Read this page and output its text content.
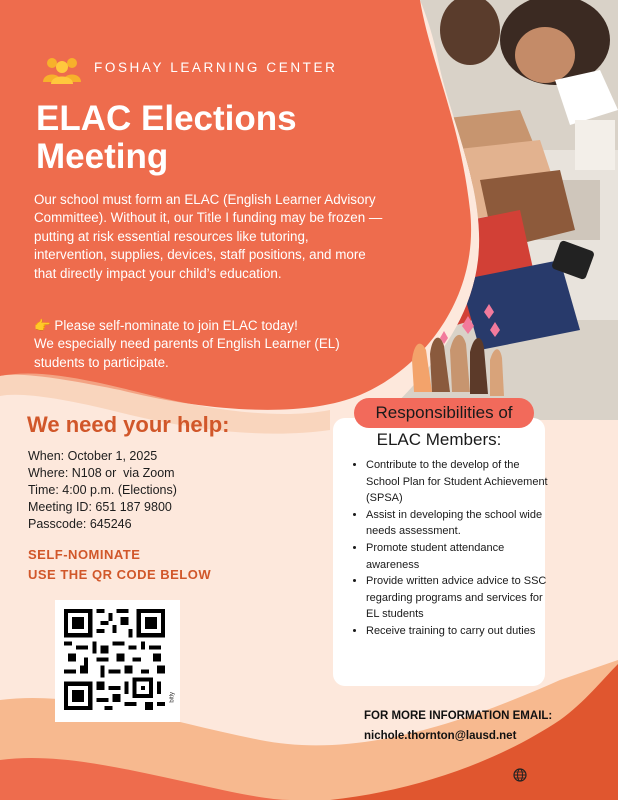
FOSHAY LEARNING CENTER
ELAC Elections
Meeting
Our school must form an ELAC (English Learner Advisory Committee). Without it, our Title I funding may be frozen — putting at risk essential resources like tutoring, intervention, supplies, devices, staff positions, and more that directly impact your child’s education.
👉 Please self-nominate to join ELAC today!
We especially need parents of English Learner (EL) students to participate.
We need your help:
When: October 1, 2025
Where: N108 or  via Zoom
Time: 4:00 p.m. (Elections)
Meeting ID: 651 187 9800
Passcode: 645246
SELF-NOMINATE
USE THE QR CODE BELOW
bitly
Responsibilities of
ELAC Members:
• Contribute to the develop of the School Plan for Student Achievement (SPSA)
• Assist in developing the school wide needs assessment.
• Promote student attendance awareness
• Provide written advice advice to SSC regarding programs and services for EL students
• Receive training to carry out duties
FOR MORE INFORMATION EMAIL:
nichole.thornton@lausd.net
